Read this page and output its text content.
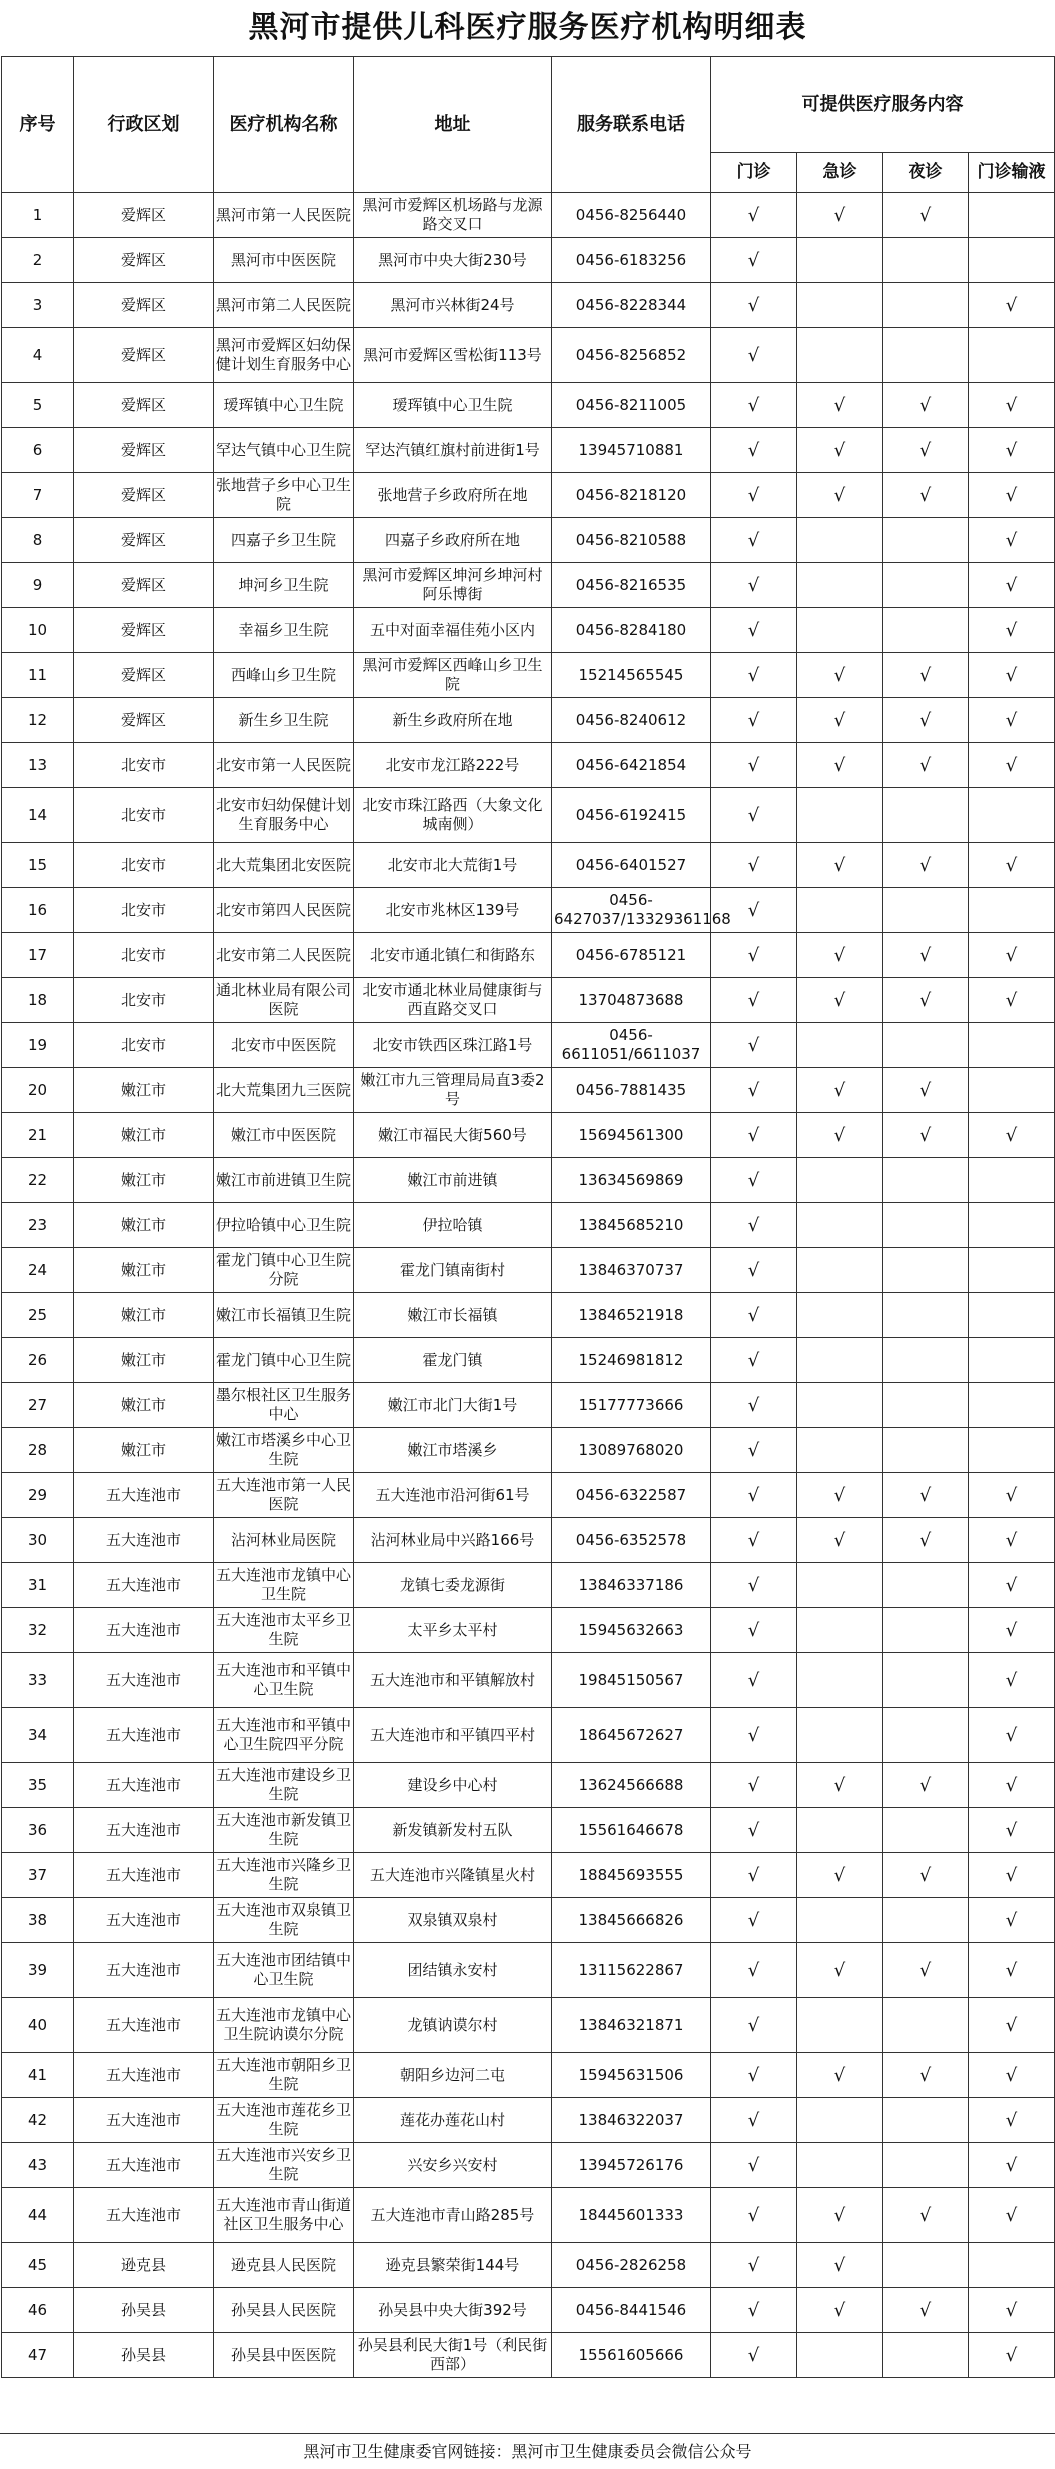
黑河市提供儿科医疗服务医疗机构明细表
序号	行政区划	医疗机构名称	地址	服务联系电话	可提供医疗服务内容			
					门诊	急诊	夜诊	门诊输液
1	爱辉区	黑河市第一人民医院	黑河市爱辉区机场路与龙源路交叉口	0456-8256440	√	√	√	
2	爱辉区	黑河市中医医院	黑河市中央大街230号	0456-6183256	√			
3	爱辉区	黑河市第二人民医院	黑河市兴林街24号	0456-8228344	√			√
4	爱辉区	黑河市爱辉区妇幼保健计划生育服务中心	黑河市爱辉区雪松街113号	0456-8256852	√			
5	爱辉区	瑷珲镇中心卫生院	瑷珲镇中心卫生院	0456-8211005	√	√	√	√
6	爱辉区	罕达气镇中心卫生院	罕达汽镇红旗村前进街1号	13945710881	√	√	√	√
7	爱辉区	张地营子乡中心卫生院	张地营子乡政府所在地	0456-8218120	√	√	√	√
8	爱辉区	四嘉子乡卫生院	四嘉子乡政府所在地	0456-8210588	√			√
9	爱辉区	坤河乡卫生院	黑河市爱辉区坤河乡坤河村阿乐博街	0456-8216535	√			√
10	爱辉区	幸福乡卫生院	五中对面幸福佳苑小区内	0456-8284180	√			√
11	爱辉区	西峰山乡卫生院	黑河市爱辉区西峰山乡卫生院	15214565545	√	√	√	√
12	爱辉区	新生乡卫生院	新生乡政府所在地	0456-8240612	√	√	√	√
13	北安市	北安市第一人民医院	北安市龙江路222号	0456-6421854	√	√	√	√
14	北安市	北安市妇幼保健计划生育服务中心	北安市珠江路西（大象文化城南侧）	0456-6192415	√			
15	北安市	北大荒集团北安医院	北安市北大荒街1号	0456-6401527	√	√	√	√
16	北安市	北安市第四人民医院	北安市兆林区139号	0456-6427037/13329361168	√			
17	北安市	北安市第二人民医院	北安市通北镇仁和街路东	0456-6785121	√	√	√	√
18	北安市	通北林业局有限公司医院	北安市通北林业局健康街与西直路交叉口	13704873688	√	√	√	√
19	北安市	北安市中医医院	北安市铁西区珠江路1号	0456-6611051/6611037	√			
20	嫩江市	北大荒集团九三医院	嫩江市九三管理局局直3委2号	0456-7881435	√	√	√	
21	嫩江市	嫩江市中医医院	嫩江市福民大街560号	15694561300	√	√	√	√
22	嫩江市	嫩江市前进镇卫生院	嫩江市前进镇	13634569869	√			
23	嫩江市	伊拉哈镇中心卫生院	伊拉哈镇	13845685210	√			
24	嫩江市	霍龙门镇中心卫生院分院	霍龙门镇南街村	13846370737	√			
25	嫩江市	嫩江市长福镇卫生院	嫩江市长福镇	13846521918	√			
26	嫩江市	霍龙门镇中心卫生院	霍龙门镇	15246981812	√			
27	嫩江市	墨尔根社区卫生服务中心	嫩江市北门大街1号	15177773666	√			
28	嫩江市	嫩江市塔溪乡中心卫生院	嫩江市塔溪乡	13089768020	√			
29	五大连池市	五大连池市第一人民医院	五大连池市沿河街61号	0456-6322587	√	√	√	√
30	五大连池市	沾河林业局医院	沾河林业局中兴路166号	0456-6352578	√	√	√	√
31	五大连池市	五大连池市龙镇中心卫生院	龙镇七委龙源街	13846337186	√			√
32	五大连池市	五大连池市太平乡卫生院	太平乡太平村	15945632663	√			√
33	五大连池市	五大连池市和平镇中心卫生院	五大连池市和平镇解放村	19845150567	√			√
34	五大连池市	五大连池市和平镇中心卫生院四平分院	五大连池市和平镇四平村	18645672627	√			√
35	五大连池市	五大连池市建设乡卫生院	建设乡中心村	13624566688	√	√	√	√
36	五大连池市	五大连池市新发镇卫生院	新发镇新发村五队	15561646678	√			√
37	五大连池市	五大连池市兴隆乡卫生院	五大连池市兴隆镇星火村	18845693555	√	√	√	√
38	五大连池市	五大连池市双泉镇卫生院	双泉镇双泉村	13845666826	√			√
39	五大连池市	五大连池市团结镇中心卫生院	团结镇永安村	13115622867	√	√	√	√
40	五大连池市	五大连池市龙镇中心卫生院讷谟尔分院	龙镇讷谟尔村	13846321871	√			√
41	五大连池市	五大连池市朝阳乡卫生院	朝阳乡边河二屯	15945631506	√	√	√	√
42	五大连池市	五大连池市莲花乡卫生院	莲花办莲花山村	13846322037	√			√
43	五大连池市	五大连池市兴安乡卫生院	兴安乡兴安村	13945726176	√			√
44	五大连池市	五大连池市青山街道社区卫生服务中心	五大连池市青山路285号	18445601333	√	√	√	√
45	逊克县	逊克县人民医院	逊克县繁荣街144号	0456-2826258	√	√		
46	孙吴县	孙吴县人民医院	孙吴县中央大街392号	0456-8441546	√	√	√	√
47	孙吴县	孙吴县中医医院	孙吴县利民大街1号（利民街西部）	15561605666	√			√
黑河市卫生健康委官网链接：黑河市卫生健康委员会微信公众号
